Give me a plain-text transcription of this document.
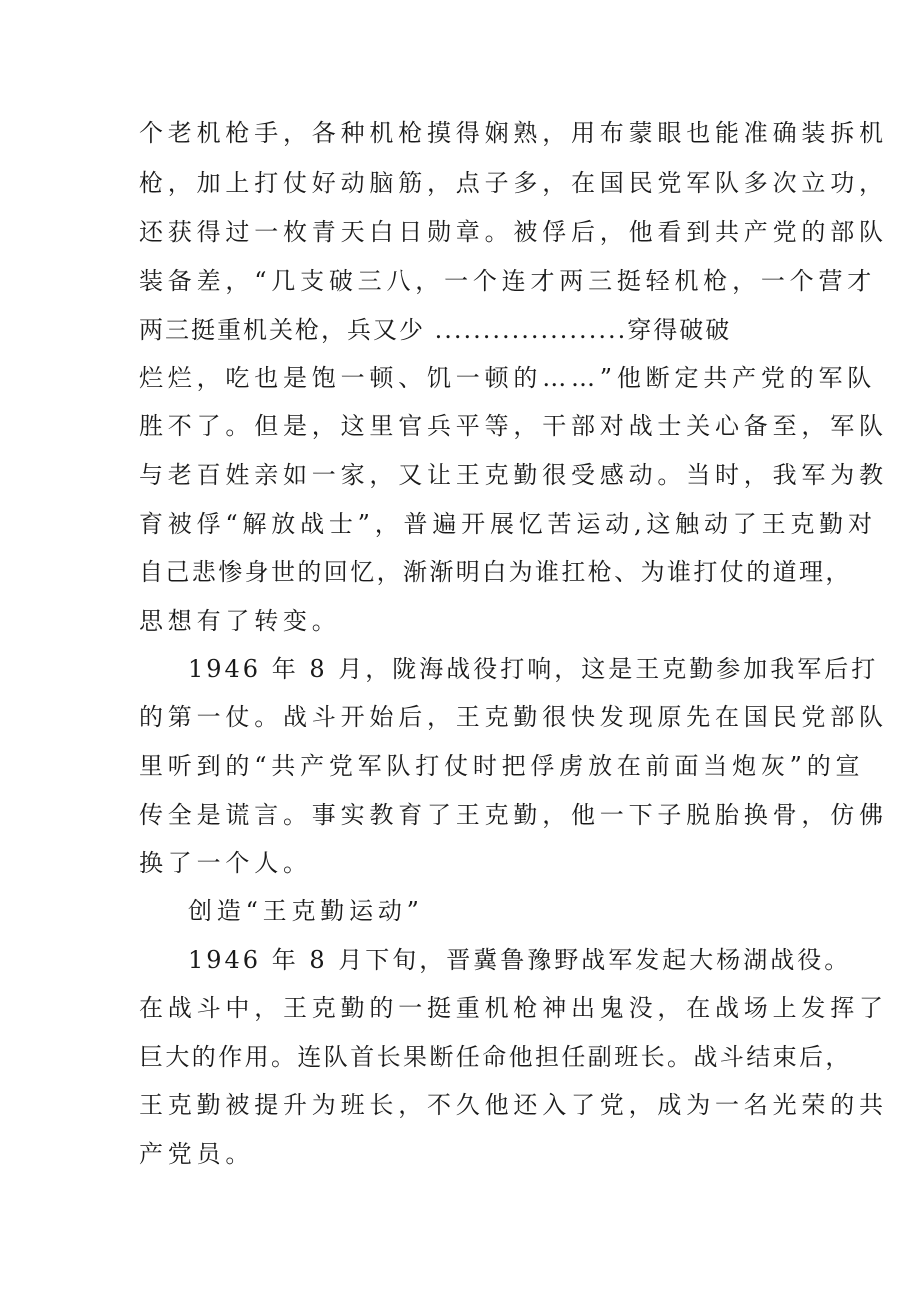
个老机枪手，各种机枪摸得娴熟，用布蒙眼也能准确装拆机

枪，加上打仗好动脑筋，点子多，在国民党军队多次立功，

还获得过一枚青天白日勋章。被俘后，他看到共产党的部队

装备差，“几支破三八，一个连才两三挺轻机枪，一个营才

两三挺重机关枪，兵又少 ....................穿得破破

烂烂，吃也是饱一顿、饥一顿的……”他断定共产党的军队

胜不了。但是，这里官兵平等，干部对战士关心备至，军队

与老百姓亲如一家，又让王克勤很受感动。当时，我军为教

育被俘“解放战士”，普遍开展忆苦运动,这触动了王克勤对

自己悲惨身世的回忆，渐渐明白为谁扛枪、为谁打仗的道理，

思想有了转变。

1946 年 8 月，陇海战役打响，这是王克勤参加我军后打

的第一仗。战斗开始后，王克勤很快发现原先在国民党部队

里听到的“共产党军队打仗时把俘虏放在前面当炮灰”的宣

传全是谎言。事实教育了王克勤，他一下子脱胎换骨，仿佛

换了一个人。

创造“王克勤运动”

1946 年 8 月下旬，晋冀鲁豫野战军发起大杨湖战役。

在战斗中，王克勤的一挺重机枪神出鬼没，在战场上发挥了

巨大的作用。连队首长果断任命他担任副班长。战斗结束后，

王克勤被提升为班长，不久他还入了党，成为一名光荣的共

产党员。
